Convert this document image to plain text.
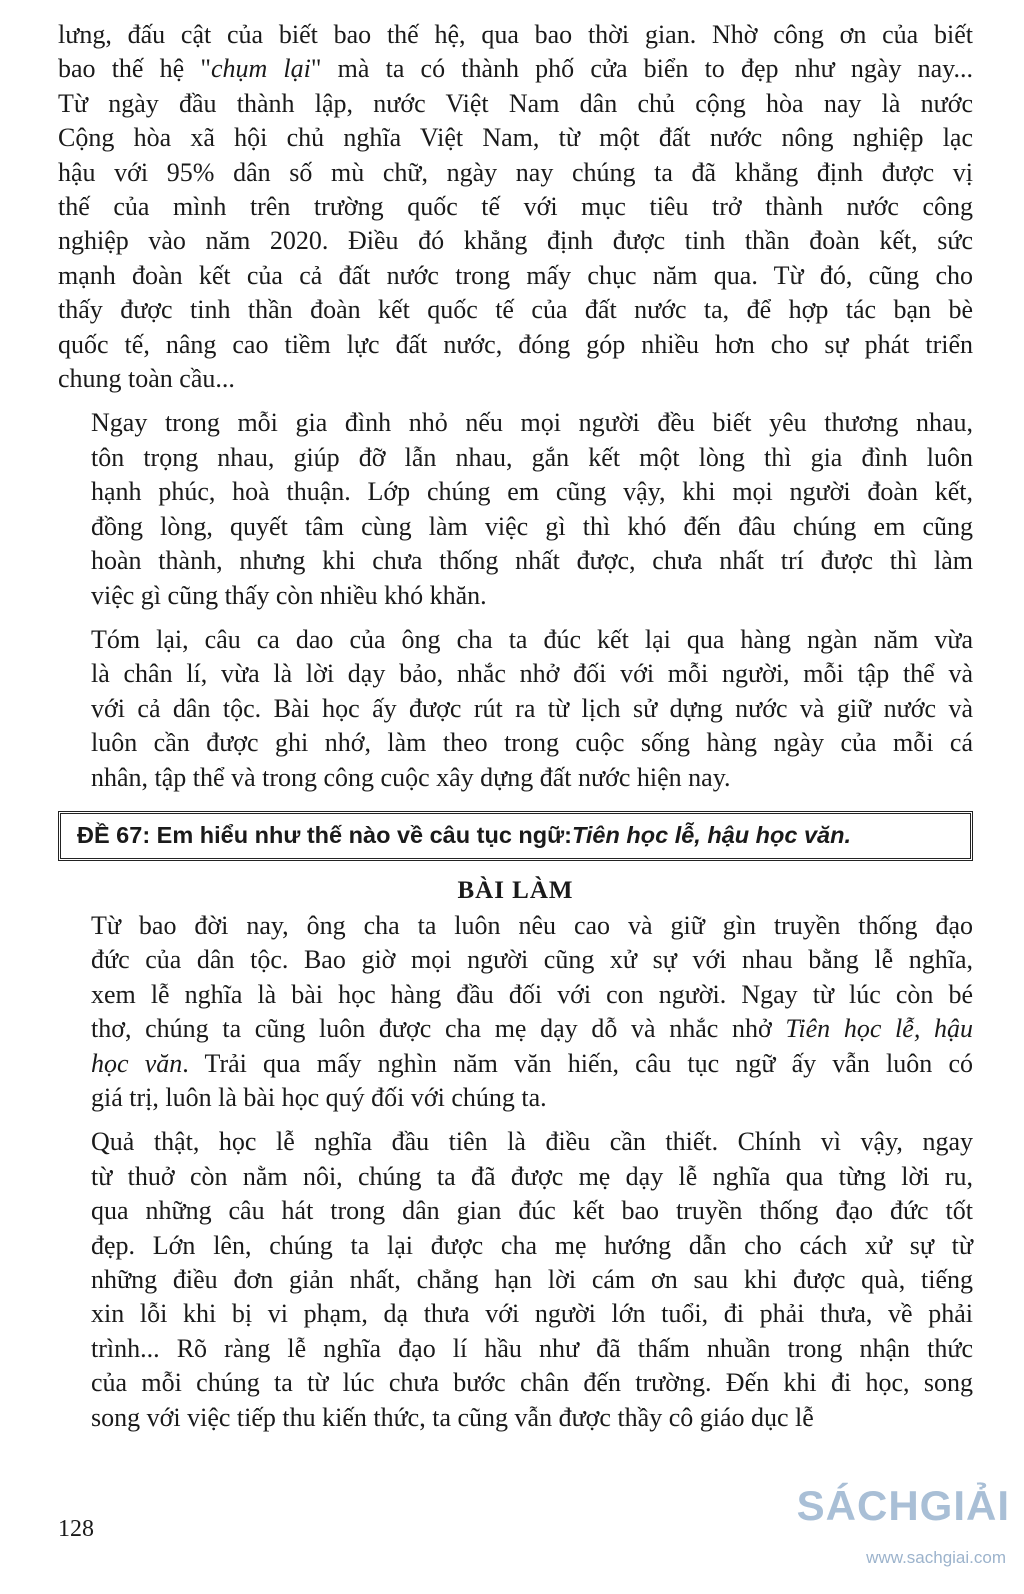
lưng, đấu cật của biết bao thế hệ, qua bao thời gian. Nhờ công ơn của biết
bao thế hệ "chụm lại" mà ta có thành phố cửa biển to đẹp như ngày nay...
Từ ngày đầu thành lập, nước Việt Nam dân chủ cộng hòa nay là nước
Cộng hòa xã hội chủ nghĩa Việt Nam, từ một đất nước nông nghiệp lạc
hậu với 95% dân số mù chữ, ngày nay chúng ta đã khẳng định được vị
thế của mình trên trường quốc tế với mục tiêu trở thành nước công
nghiệp vào năm 2020. Điều đó khẳng định được tinh thần đoàn kết, sức
mạnh đoàn kết của cả đất nước trong mấy chục năm qua. Từ đó, cũng cho
thấy được tinh thần đoàn kết quốc tế của đất nước ta, để hợp tác bạn bè
quốc tế, nâng cao tiềm lực đất nước, đóng góp nhiều hơn cho sự phát triển
chung toàn cầu...

Ngay trong mỗi gia đình nhỏ nếu mọi người đều biết yêu thương nhau,
tôn trọng nhau, giúp đỡ lẫn nhau, gắn kết một lòng thì gia đình luôn
hạnh phúc, hoà thuận. Lớp chúng em cũng vậy, khi mọi người đoàn kết,
đồng lòng, quyết tâm cùng làm việc gì thì khó đến đâu chúng em cũng
hoàn thành, nhưng khi chưa thống nhất được, chưa nhất trí được thì làm
việc gì cũng thấy còn nhiều khó khăn.

Tóm lại, câu ca dao của ông cha ta đúc kết lại qua hàng ngàn năm vừa
là chân lí, vừa là lời dạy bảo, nhắc nhở đối với mỗi người, mỗi tập thể và
với cả dân tộc. Bài học ấy được rút ra từ lịch sử dựng nước và giữ nước và
luôn cần được ghi nhớ, làm theo trong cuộc sống hàng ngày của mỗi cá
nhân, tập thể và trong công cuộc xây dựng đất nước hiện nay.

ĐỀ 67: Em hiểu như thế nào về câu tục ngữ: Tiên học lễ, hậu học văn.
BÀI LÀM

Từ bao đời nay, ông cha ta luôn nêu cao và giữ gìn truyền thống đạo
đức của dân tộc. Bao giờ mọi người cũng xử sự với nhau bằng lễ nghĩa,
xem lễ nghĩa là bài học hàng đầu đối với con người. Ngay từ lúc còn bé
thơ, chúng ta cũng luôn được cha mẹ dạy dỗ và nhắc nhở Tiên học lễ, hậu
học văn. Trải qua mấy nghìn năm văn hiến, câu tục ngữ ấy vẫn luôn có
giá trị, luôn là bài học quý đối với chúng ta.

Quả thật, học lễ nghĩa đầu tiên là điều cần thiết. Chính vì vậy, ngay
từ thuở còn nằm nôi, chúng ta đã được mẹ dạy lễ nghĩa qua từng lời ru,
qua những câu hát trong dân gian đúc kết bao truyền thống đạo đức tốt
đẹp. Lớn lên, chúng ta lại được cha mẹ hướng dẫn cho cách xử sự từ
những điều đơn giản nhất, chẳng hạn lời cám ơn sau khi được quà, tiếng
xin lỗi khi bị vi phạm, dạ thưa với người lớn tuổi, đi phải thưa, về phải
trình... Rõ ràng lễ nghĩa đạo lí hầu như đã thấm nhuần trong nhận thức
của mỗi chúng ta từ lúc chưa bước chân đến trường. Đến khi đi học, song
song với việc tiếp thu kiến thức, ta cũng vẫn được thầy cô giáo dục lễ

128	SÁCHGIẢI
www.sachgiai.com
